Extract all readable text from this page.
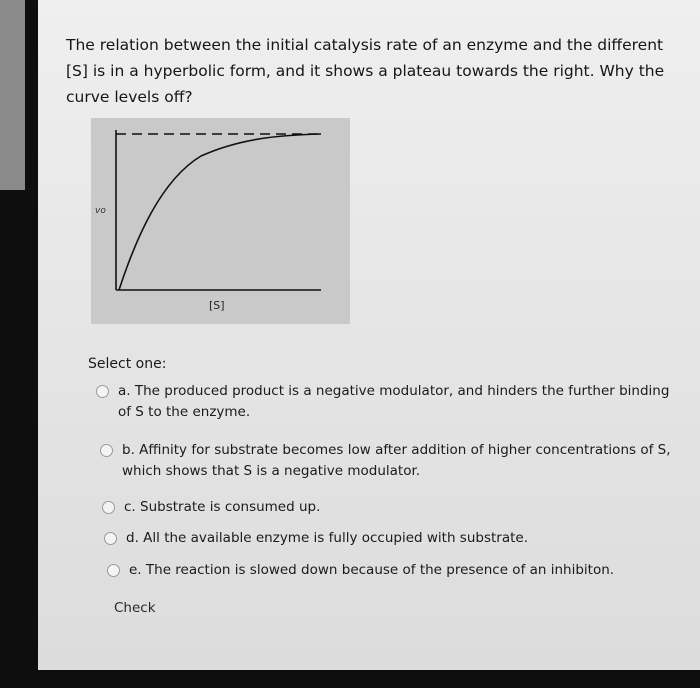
The relation between the initial catalysis rate of an enzyme and the different [S] is in a hyperbolic form, and it shows a plateau towards the right. Why the curve levels off?
vo
[S]
Select one:
a. The produced product is a negative modulator, and hinders the further binding of S to the enzyme.
b. Affinity for substrate becomes low after addition of higher concentrations of S, which shows that S is a negative modulator.
c. Substrate is consumed up.
d. All the available enzyme is fully occupied with substrate.
e. The reaction is slowed down because of the presence of an inhibiton.
Check
